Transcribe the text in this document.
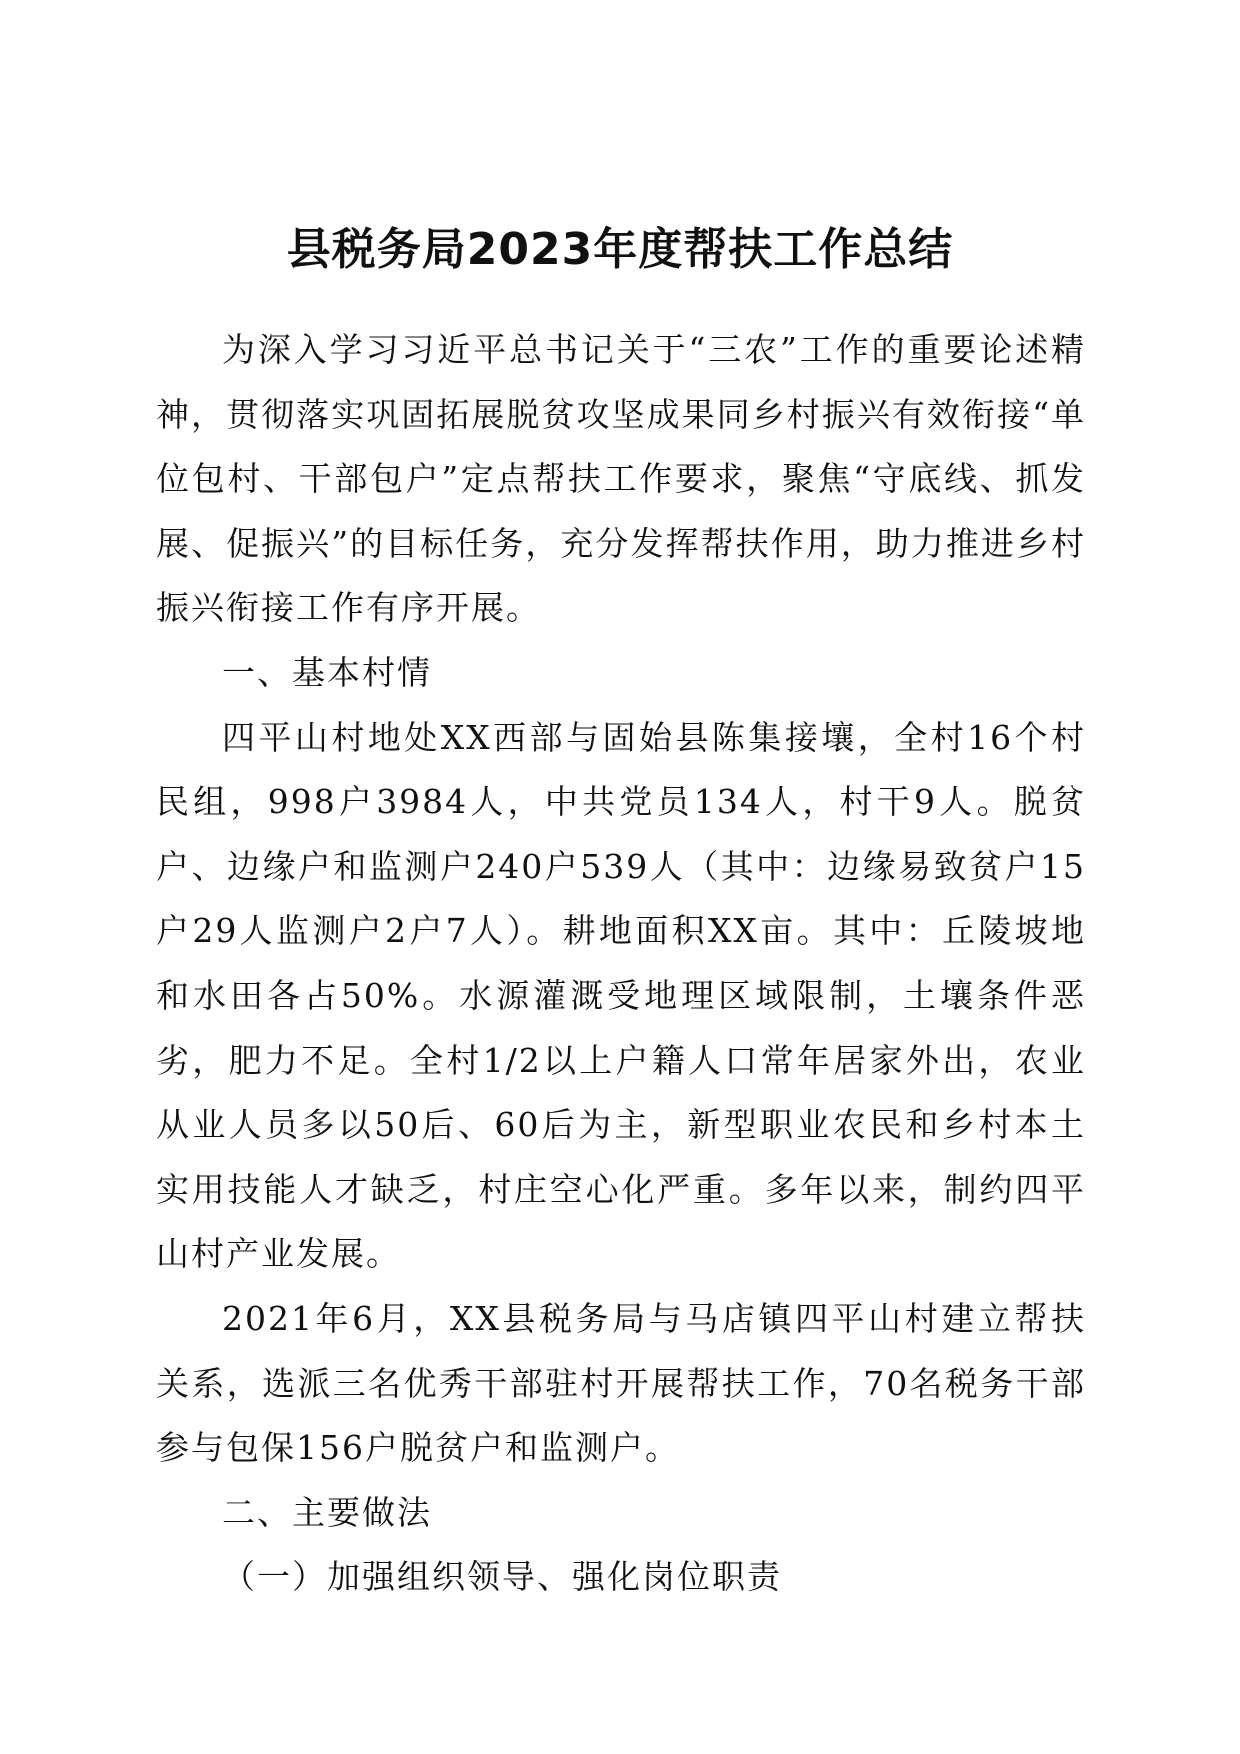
县税务局2023年度帮扶工作总结

为深入学习习近平总书记关于“三农”工作的重要论述精神，贯彻落实巩固拓展脱贫攻坚成果同乡村振兴有效衔接“单位包村、干部包户”定点帮扶工作要求，聚焦“守底线、抓发展、促振兴”的目标任务，充分发挥帮扶作用，助力推进乡村振兴衔接工作有序开展。

一、基本村情

四平山村地处XX西部与固始县陈集接壤，全村16个村民组，998户3984人，中共党员134人，村干9人。脱贫户、边缘户和监测户240户539人（其中：边缘易致贫户15户29人监测户2户7人）。耕地面积XX亩。其中：丘陵坡地和水田各占50%。水源灌溉受地理区域限制，土壤条件恶劣，肥力不足。全村1/2以上户籍人口常年居家外出，农业从业人员多以50后、60后为主，新型职业农民和乡村本土实用技能人才缺乏，村庄空心化严重。多年以来，制约四平山村产业发展。

2021年6月，XX县税务局与马店镇四平山村建立帮扶关系，选派三名优秀干部驻村开展帮扶工作，70名税务干部参与包保156户脱贫户和监测户。

二、主要做法

（一）加强组织领导、强化岗位职责
